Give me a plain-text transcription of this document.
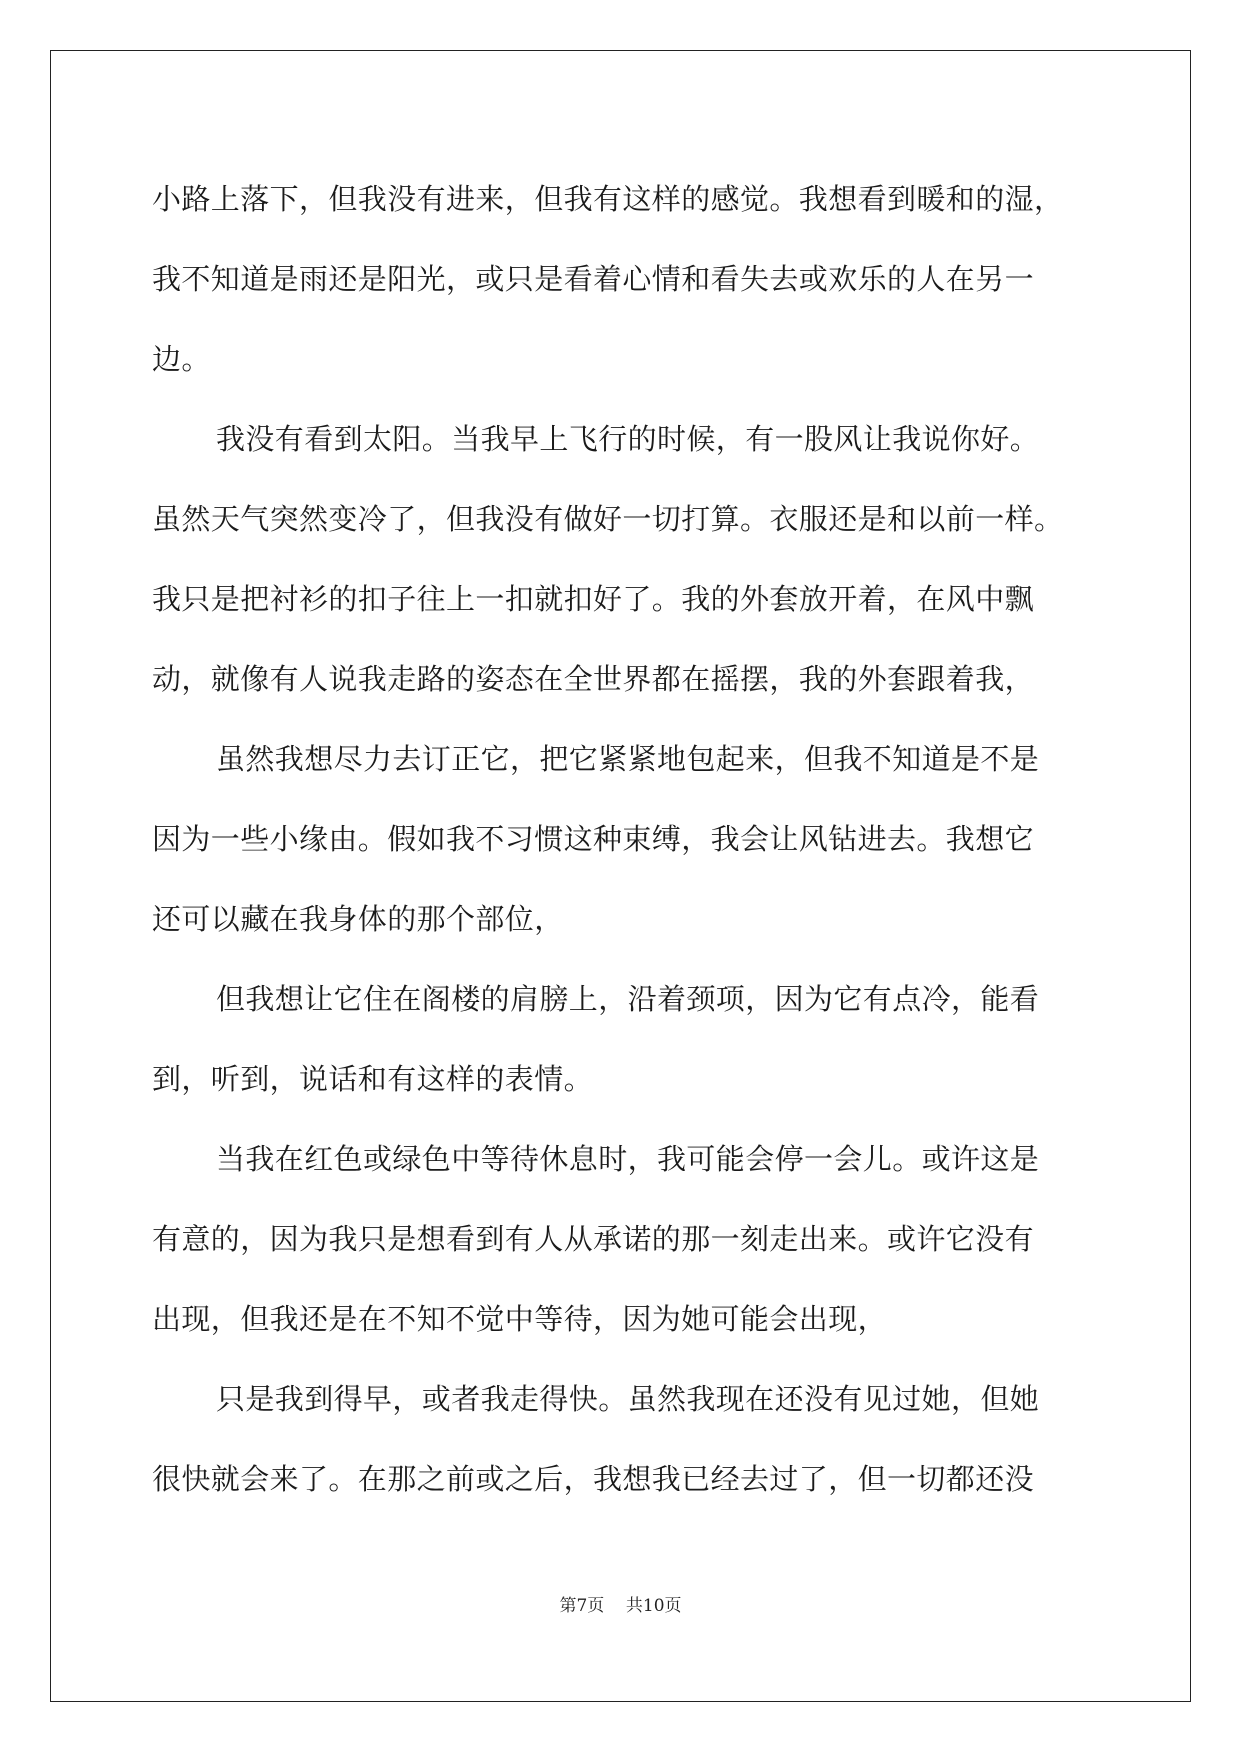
小路上落下，但我没有进来，但我有这样的感觉。我想看到暖和的湿，
我不知道是雨还是阳光，或只是看着心情和看失去或欢乐的人在另一
边。
我没有看到太阳。当我早上飞行的时候，有一股风让我说你好。
虽然天气突然变冷了，但我没有做好一切打算。衣服还是和以前一样。
我只是把衬衫的扣子往上一扣就扣好了。我的外套放开着，在风中飘
动，就像有人说我走路的姿态在全世界都在摇摆，我的外套跟着我，
虽然我想尽力去订正它，把它紧紧地包起来，但我不知道是不是
因为一些小缘由。假如我不习惯这种束缚，我会让风钻进去。我想它
还可以藏在我身体的那个部位，
但我想让它住在阁楼的肩膀上，沿着颈项，因为它有点冷，能看
到，听到，说话和有这样的表情。
当我在红色或绿色中等待休息时，我可能会停一会儿。或许这是
有意的，因为我只是想看到有人从承诺的那一刻走出来。或许它没有
出现，但我还是在不知不觉中等待，因为她可能会出现，
只是我到得早，或者我走得快。虽然我现在还没有见过她，但她
很快就会来了。在那之前或之后，我想我已经去过了，但一切都还没
第7页    共10页
